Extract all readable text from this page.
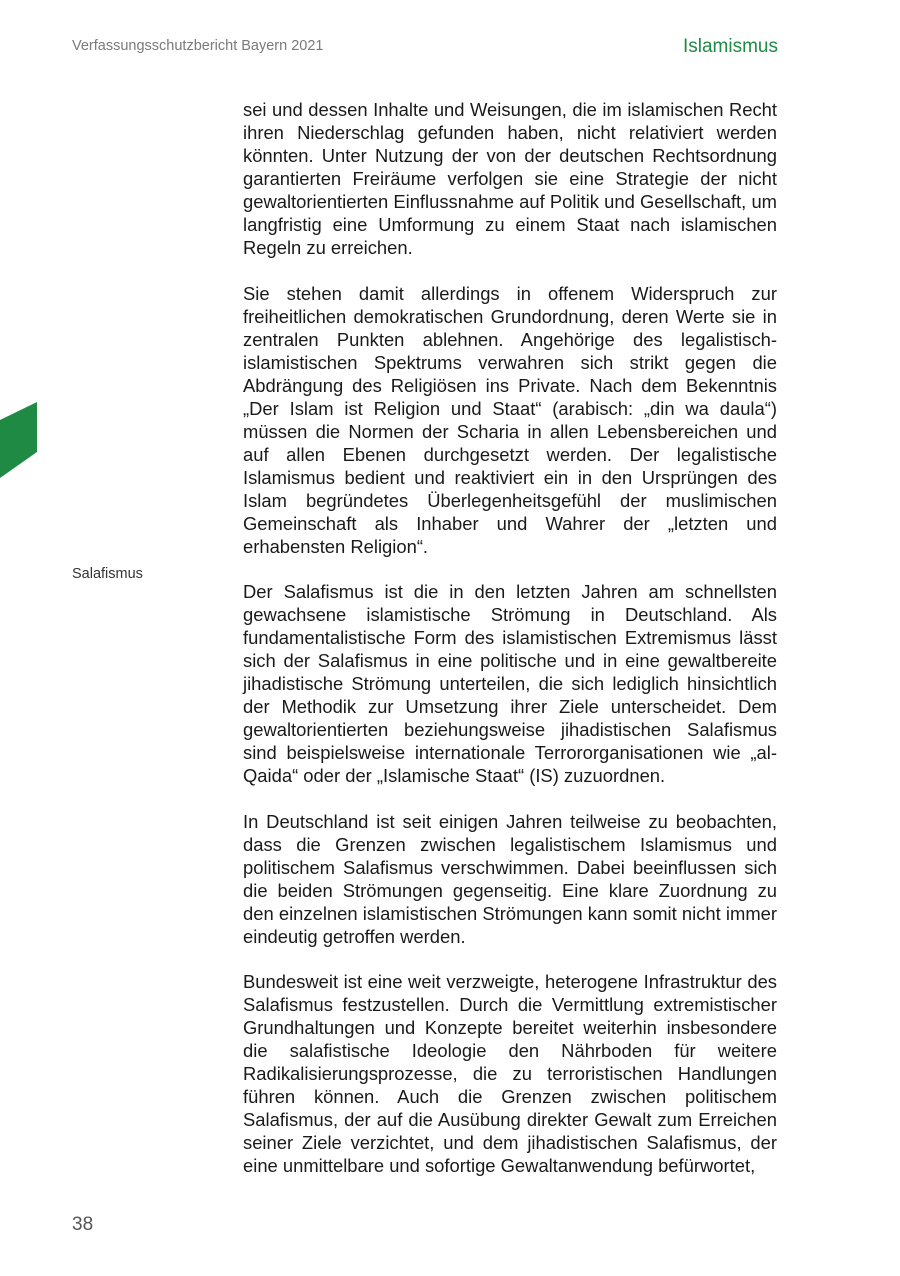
Verfassungsschutzbericht Bayern 2021	Islamismus
Salafismus

sei und dessen Inhalte und Weisungen, die im islamischen Recht ihren Niederschlag gefunden haben, nicht relativiert werden könnten. Unter Nutzung der von der deutschen Rechtsordnung garantierten Freiräume verfolgen sie eine Strategie der nicht gewaltorientierten Einflussnahme auf Politik und Gesellschaft, um langfristig eine Umformung zu einem Staat nach islamischen Regeln zu erreichen.

Sie stehen damit allerdings in offenem Widerspruch zur freiheitlichen demokratischen Grundordnung, deren Werte sie in zentralen Punkten ablehnen. Angehörige des legalistisch-islamistischen Spektrums verwahren sich strikt gegen die Abdrängung des Religiösen ins Private. Nach dem Bekenntnis „Der Islam ist Religion und Staat“ (arabisch: „din wa daula“) müssen die Normen der Scharia in allen Lebensbereichen und auf allen Ebenen durchgesetzt werden. Der legalistische Islamismus bedient und reaktiviert ein in den Ursprüngen des Islam begründetes Überlegenheitsgefühl der muslimischen Gemeinschaft als Inhaber und Wahrer der „letzten und erhabensten Religion“.

Der Salafismus ist die in den letzten Jahren am schnellsten gewachsene islamistische Strömung in Deutschland. Als fundamentalistische Form des islamistischen Extremismus lässt sich der Salafismus in eine politische und in eine gewaltbereite jihadistische Strömung unterteilen, die sich lediglich hinsichtlich der Methodik zur Umsetzung ihrer Ziele unterscheidet. Dem gewaltorientierten beziehungsweise jihadistischen Salafismus sind beispielsweise internationale Terrororganisationen wie „al-Qaida“ oder der „Islamische Staat“ (IS) zuzuordnen.

In Deutschland ist seit einigen Jahren teilweise zu beobachten, dass die Grenzen zwischen legalistischem Islamismus und politischem Salafismus verschwimmen. Dabei beeinflussen sich die beiden Strömungen gegenseitig. Eine klare Zuordnung zu den einzelnen islamistischen Strömungen kann somit nicht immer eindeutig getroffen werden.

Bundesweit ist eine weit verzweigte, heterogene Infrastruktur des Salafismus festzustellen. Durch die Vermittlung extremistischer Grundhaltungen und Konzepte bereitet weiterhin insbesondere die salafistische Ideologie den Nährboden für weitere Radikalisierungsprozesse, die zu terroristischen Handlungen führen können. Auch die Grenzen zwischen politischem Salafismus, der auf die Ausübung direkter Gewalt zum Erreichen seiner Ziele verzichtet, und dem jihadistischen Salafismus, der eine unmittelbare und sofortige Gewaltanwendung befürwortet,

38
